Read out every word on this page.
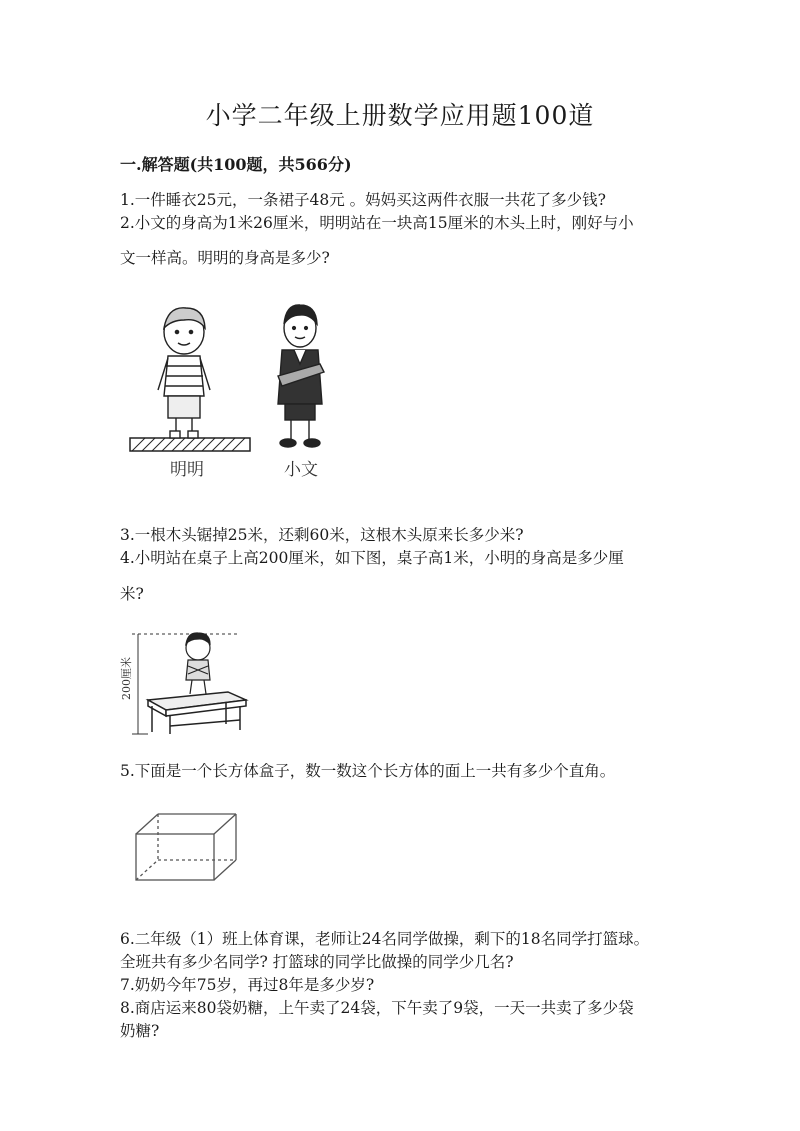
小学二年级上册数学应用题100道
一.解答题(共100题，共566分)
1.一件睡衣25元，一条裙子48元 。妈妈买这两件衣服一共花了多少钱?
2.小文的身高为1米26厘米，明明站在一块高15厘米的木头上时，刚好与小
文一样高。明明的身高是多少?
明明	小文
3.一根木头锯掉25米，还剩60米，这根木头原来长多少米?
4.小明站在桌子上高200厘米，如下图，桌子高1米，小明的身高是多少厘
米?
200厘米
5.下面是一个长方体盒子，数一数这个长方体的面上一共有多少个直角。
6.二年级（1）班上体育课，老师让24名同学做操，剩下的18名同学打篮球。
全班共有多少名同学? 打篮球的同学比做操的同学少几名?
7.奶奶今年75岁，再过8年是多少岁?
8.商店运来80袋奶糖，上午卖了24袋，下午卖了9袋，一天一共卖了多少袋
奶糖?
